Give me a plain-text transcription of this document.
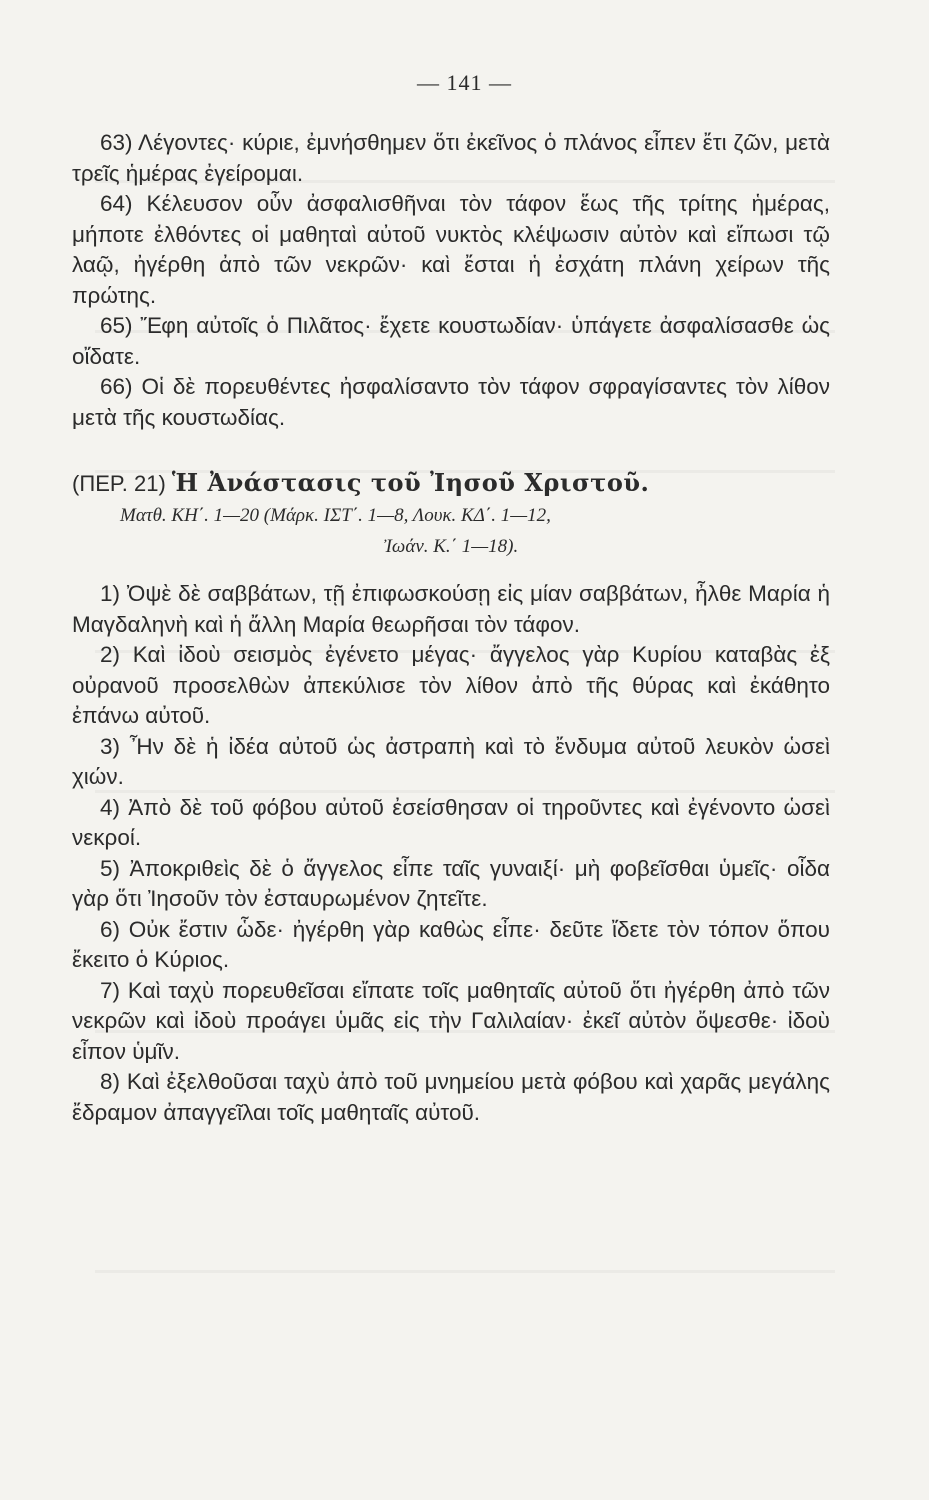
— 141 —

63) Λέγοντες· κύριε, ἐμνήσθημεν ὅτι ἐκεῖνος ὁ πλάνος εἶπεν ἔτι ζῶν, μετὰ τρεῖς ἡμέρας ἐγείρομαι.

64) Κέλευσον οὖν ἀσφαλισθῆναι τὸν τάφον ἕως τῆς τρίτης ἡμέρας, μήποτε ἐλθόντες οἱ μαθηταὶ αὐτοῦ νυκτὸς κλέψωσιν αὐτὸν καὶ εἴπωσι τῷ λαῷ, ἠγέρθη ἀπὸ τῶν νεκρῶν· καὶ ἔσται ἡ ἐσχάτη πλάνη χείρων τῆς πρώτης.

65) Ἔφη αὐτοῖς ὁ Πιλᾶτος· ἔχετε κουστωδίαν· ὑπάγετε ἀσφαλίσασθε ὡς οἴδατε.

66) Οἱ δὲ πορευθέντες ἠσφαλίσαντο τὸν τάφον σφραγίσαντες τὸν λίθον μετὰ τῆς κουστωδίας.

(ΠΕΡ. 21) Ἡ Ἀνάστασις τοῦ Ἰησοῦ Χριστοῦ.

Ματθ. ΚΗ΄. 1—20 (Μάρκ. ΙΣΤ΄. 1—8, Λουκ. ΚΔ΄. 1—12,

Ἰωάν. Κ.΄ 1—18).

1) Ὀψὲ δὲ σαββάτων, τῇ ἐπιφωσκούσῃ εἰς μίαν σαββάτων, ἦλθε Μαρία ἡ Μαγδαληνὴ καὶ ἡ ἄλλη Μαρία θεωρῆσαι τὸν τάφον.

2) Καὶ ἰδοὺ σεισμὸς ἐγένετο μέγας· ἄγγελος γὰρ Κυρίου καταβὰς ἐξ οὐρανοῦ προσελθὼν ἀπεκύλισε τὸν λίθον ἀπὸ τῆς θύρας καὶ ἐκάθητο ἐπάνω αὐτοῦ.

3) Ἦν δὲ ἡ ἰδέα αὐτοῦ ὡς ἀστραπὴ καὶ τὸ ἔνδυμα αὐτοῦ λευκὸν ὡσεὶ χιών.

4) Ἀπὸ δὲ τοῦ φόβου αὐτοῦ ἐσείσθησαν οἱ τηροῦντες καὶ ἐγένοντο ὡσεὶ νεκροί.

5) Ἀποκριθεὶς δὲ ὁ ἄγγελος εἶπε ταῖς γυναιξί· μὴ φοβεῖσθαι ὑμεῖς· οἶδα γὰρ ὅτι Ἰησοῦν τὸν ἐσταυρωμένον ζητεῖτε.

6) Οὐκ ἔστιν ὧδε· ἠγέρθη γὰρ καθὼς εἶπε· δεῦτε ἴδετε τὸν τόπον ὅπου ἔκειτο ὁ Κύριος.

7) Καὶ ταχὺ πορευθεῖσαι εἴπατε τοῖς μαθηταῖς αὐτοῦ ὅτι ἠγέρθη ἀπὸ τῶν νεκρῶν καὶ ἰδοὺ προάγει ὑμᾶς εἰς τὴν Γαλιλαίαν· ἐκεῖ αὐτὸν ὄψεσθε· ἰδοὺ εἶπον ὑμῖν.

8) Καὶ ἐξελθοῦσαι ταχὺ ἀπὸ τοῦ μνημείου μετὰ φόβου καὶ χαρᾶς μεγάλης ἔδραμον ἀπαγγεῖλαι τοῖς μαθηταῖς αὐτοῦ.
